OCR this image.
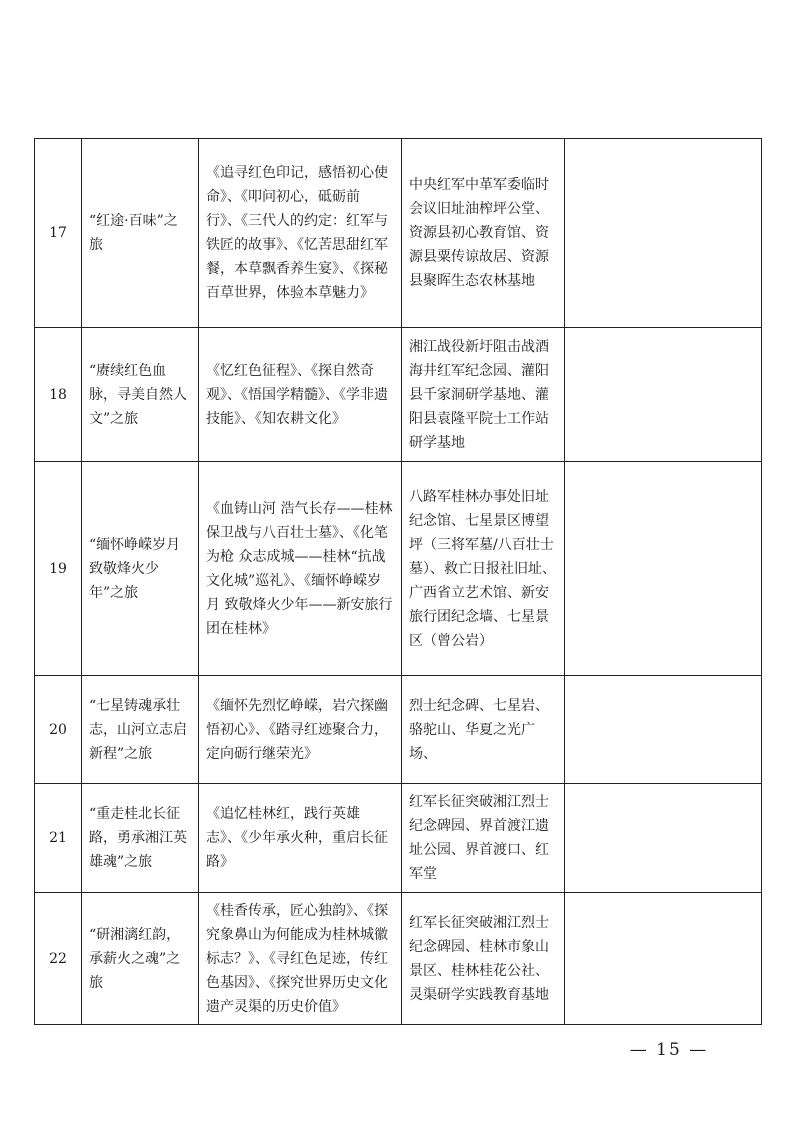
17	“红途·百味”之旅	《追寻红色印记，感悟初心使命》、《叩问初心，砥砺前行》、《三代人的约定：红军与铁匠的故事》、《忆苦思甜红军餐，本草飘香养生宴》、《探秘百草世界，体验本草魅力》	中央红军中革军委临时会议旧址油榨坪公堂、资源县初心教育馆、资源县粟传谅故居、资源县聚晖生态农林基地	
18	“赓续红色血脉，寻美自然人文”之旅	《忆红色征程》、《探自然奇观》、《悟国学精髓》、《学非遗技能》、《知农耕文化》	湘江战役新圩阻击战酒海井红军纪念园、灌阳县千家洞研学基地、灌阳县袁隆平院士工作站研学基地	
19	“缅怀峥嵘岁月 致敬烽火少年”之旅	《血铸山河 浩气长存——桂林保卫战与八百壮士墓》、《化笔为枪 众志成城——桂林“抗战文化城”巡礼》、《缅怀峥嵘岁月 致敬烽火少年——新安旅行团在桂林》	八路军桂林办事处旧址纪念馆、七星景区博望坪（三将军墓/八百壮士墓）、救亡日报社旧址、广西省立艺术馆、新安旅行团纪念墙、七星景区（曾公岩）	
20	“七星铸魂承壮志，山河立志启新程”之旅	《缅怀先烈忆峥嵘，岩穴探幽悟初心》、《踏寻红迹聚合力，定向砺行继荣光》	烈士纪念碑、七星岩、骆驼山、华夏之光广场、	
21	“重走桂北长征路，勇承湘江英雄魂”之旅	《追忆桂林红，践行英雄志》、《少年承火种，重启长征路》	红军长征突破湘江烈士纪念碑园、界首渡江遗址公园、界首渡口、红军堂	
22	“研湘漓红韵，承薪火之魂”之旅	《桂香传承，匠心独韵》、《探究象鼻山为何能成为桂林城徽标志？》、《寻红色足迹，传红色基因》、《探究世界历史文化遗产灵渠的历史价值》	红军长征突破湘江烈士纪念碑园、桂林市象山景区、桂林桂花公社、灵渠研学实践教育基地	
— 15 —
